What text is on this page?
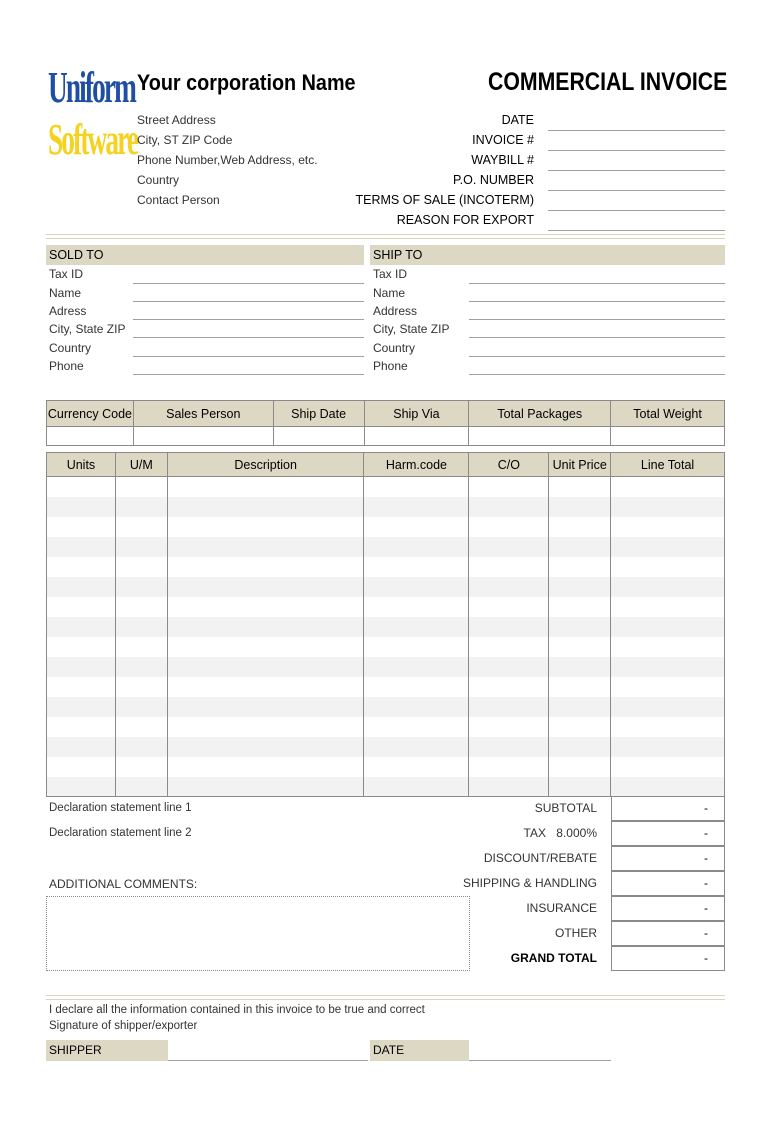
Uniform
Software
Your corporation Name
Street Address
City, ST ZIP Code
Phone Number,Web Address, etc.
Country
Contact Person
COMMERCIAL INVOICE
DATE
INVOICE #
WAYBILL #
P.O. NUMBER
TERMS OF SALE (INCOTERM)
REASON FOR EXPORT
SOLD TO
Tax ID
Name
Adress
City, State ZIP
Country
Phone
SHIP TO
Tax ID
Name
Address
City, State ZIP
Country
Phone
Currency Code	Sales Person	Ship Date	Ship Via	Total Packages	Total Weight

Units	U/M	Description	Harm.code	C/O	Unit Price	Line Total

Declaration statement line 1
Declaration statement line 2
ADDITIONAL COMMENTS:
SUBTOTAL	-
TAX 8.000%	-
DISCOUNT/REBATE	-
SHIPPING & HANDLING	-
INSURANCE	-
OTHER	-
GRAND TOTAL	-
I declare all the information contained in this invoice to be true and correct
Signature of shipper/exporter
SHIPPER	DATE
